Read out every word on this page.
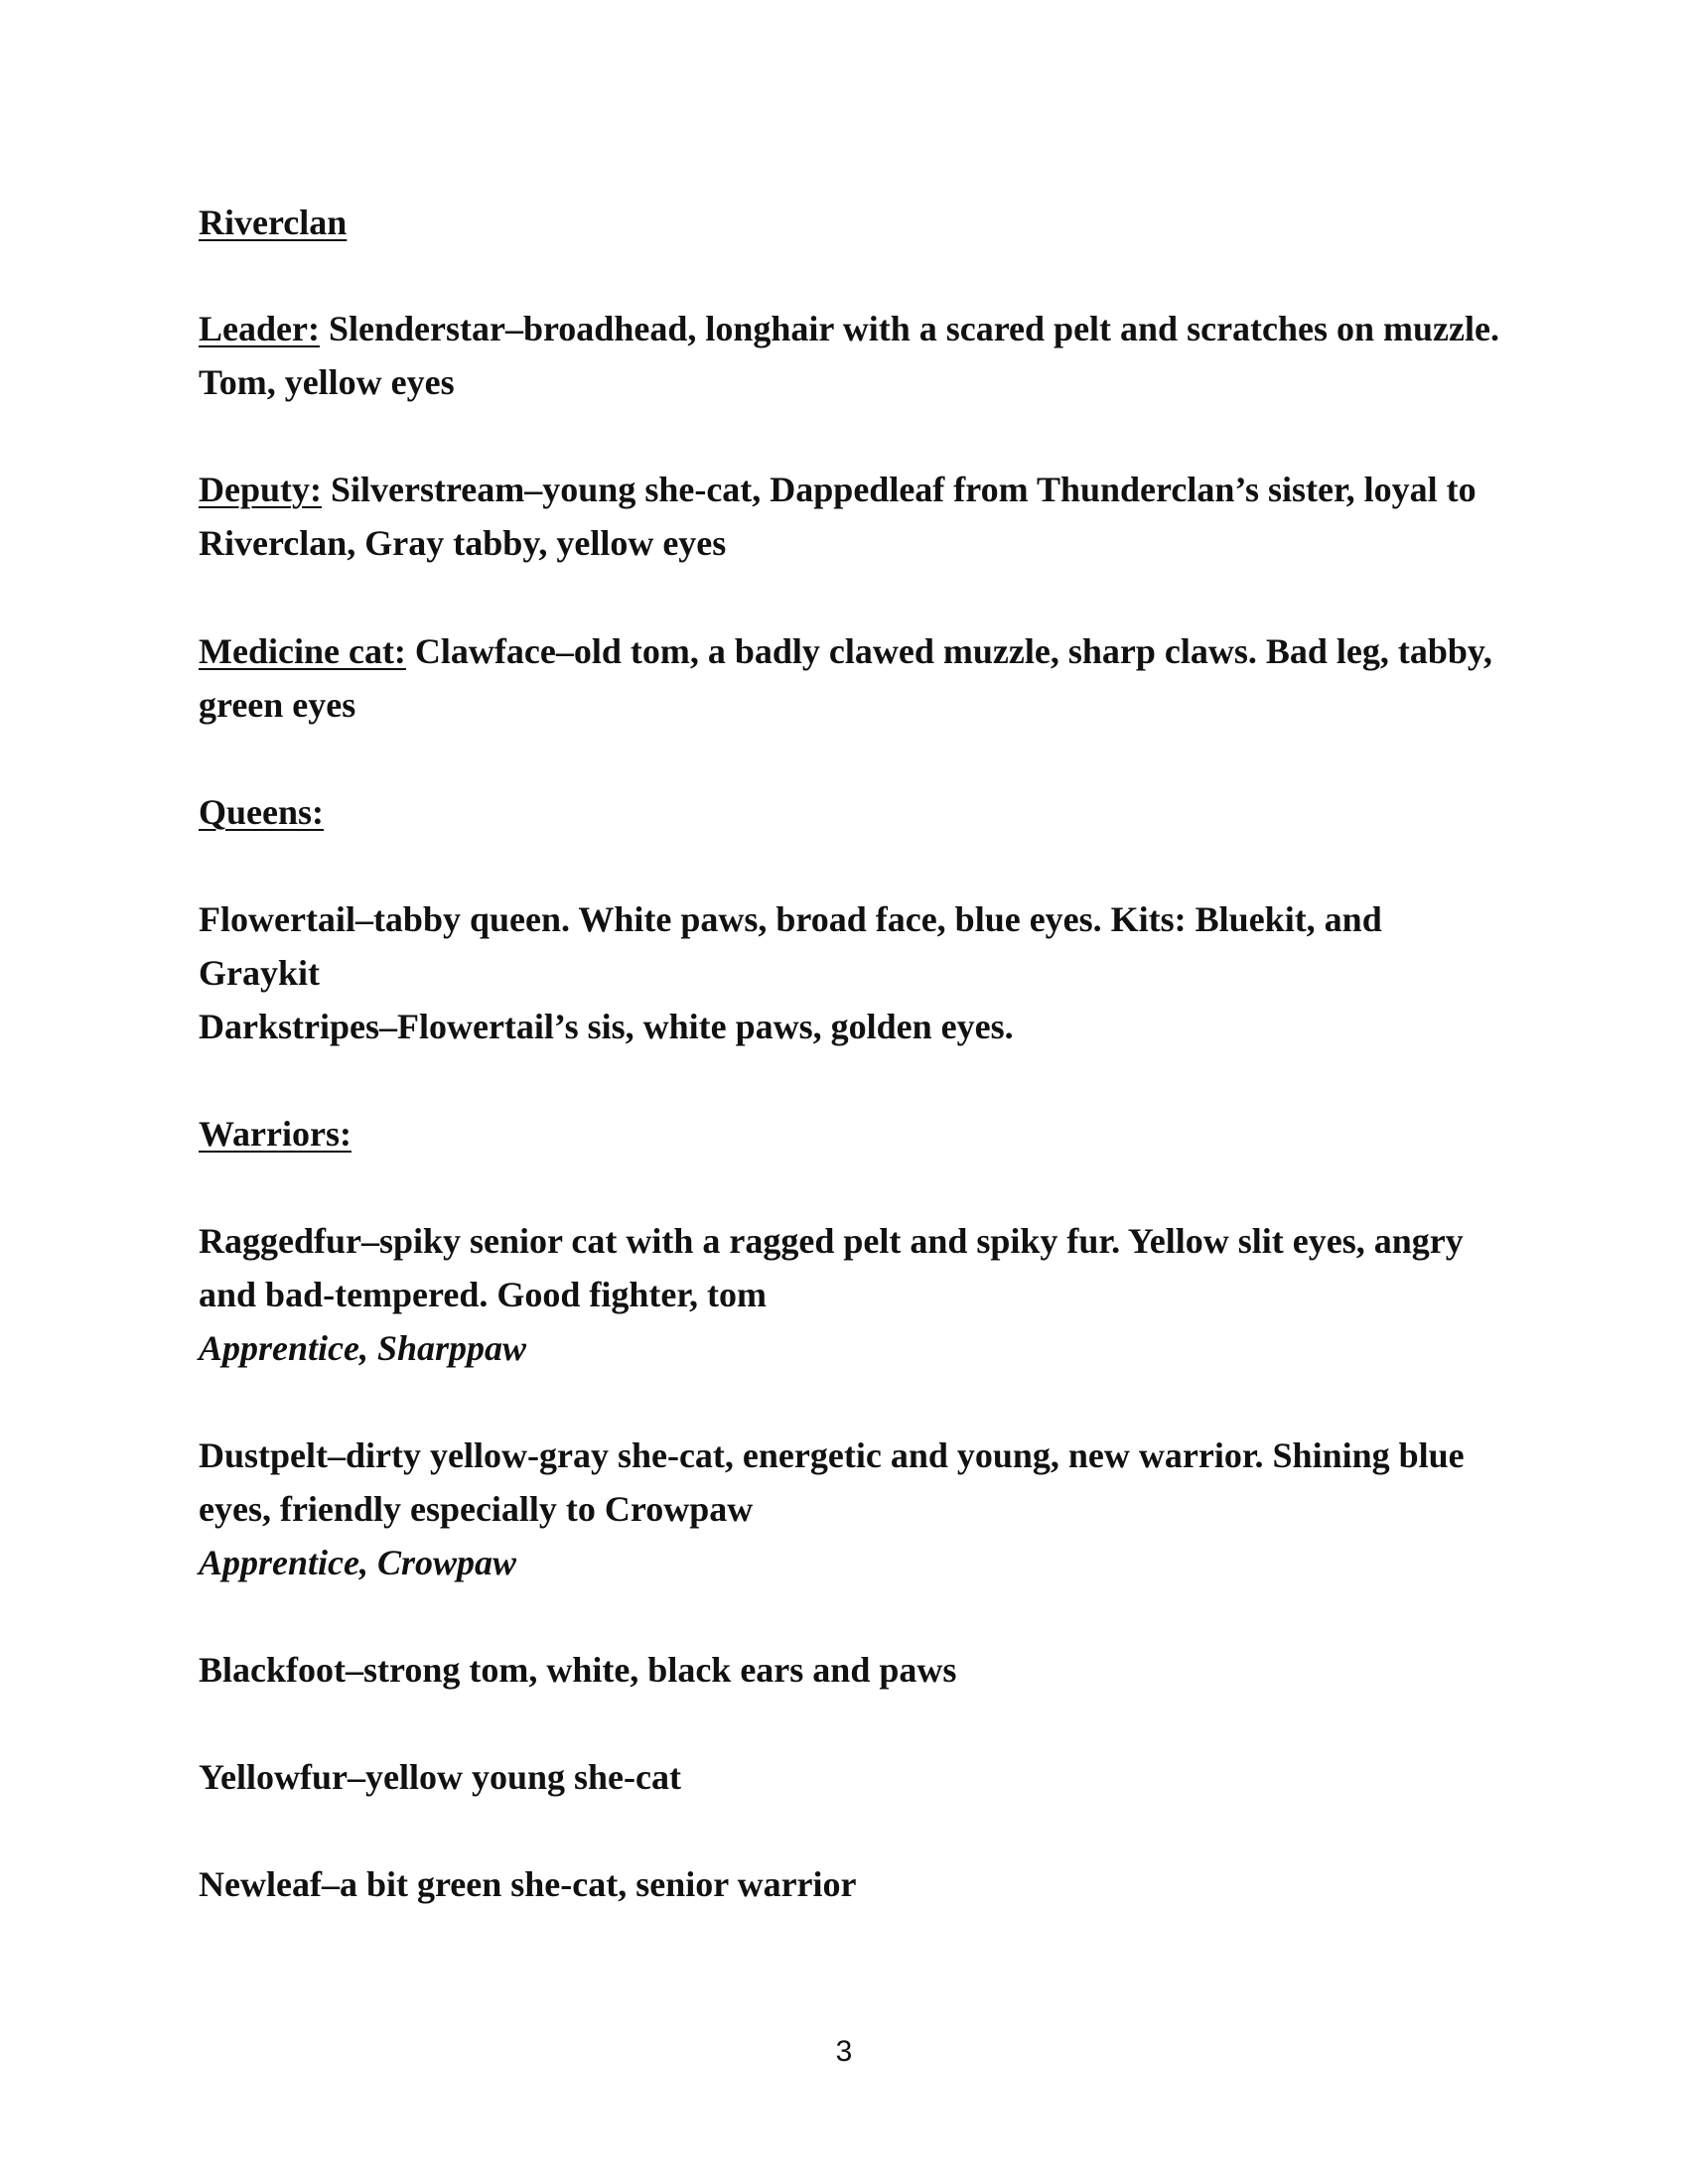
Riverclan

Leader: Slenderstar–broadhead, longhair with a scared pelt and scratches on muzzle. Tom, yellow eyes

Deputy: Silverstream–young she-cat, Dappedleaf from Thunderclan’s sister, loyal to Riverclan, Gray tabby, yellow eyes

Medicine cat: Clawface–old tom, a badly clawed muzzle, sharp claws. Bad leg, tabby, green eyes

Queens:

Flowertail–tabby queen. White paws, broad face, blue eyes. Kits: Bluekit, and Graykit

Darkstripes–Flowertail’s sis, white paws, golden eyes.

Warriors:

Raggedfur–spiky senior cat with a ragged pelt and spiky fur. Yellow slit eyes, angry and bad-tempered. Good fighter, tom
Apprentice, Sharppaw

Dustpelt–dirty yellow-gray she-cat, energetic and young, new warrior. Shining blue eyes, friendly especially to Crowpaw
Apprentice, Crowpaw

Blackfoot–strong tom, white, black ears and paws

Yellowfur–yellow young she-cat

Newleaf–a bit green she-cat, senior warrior

3
